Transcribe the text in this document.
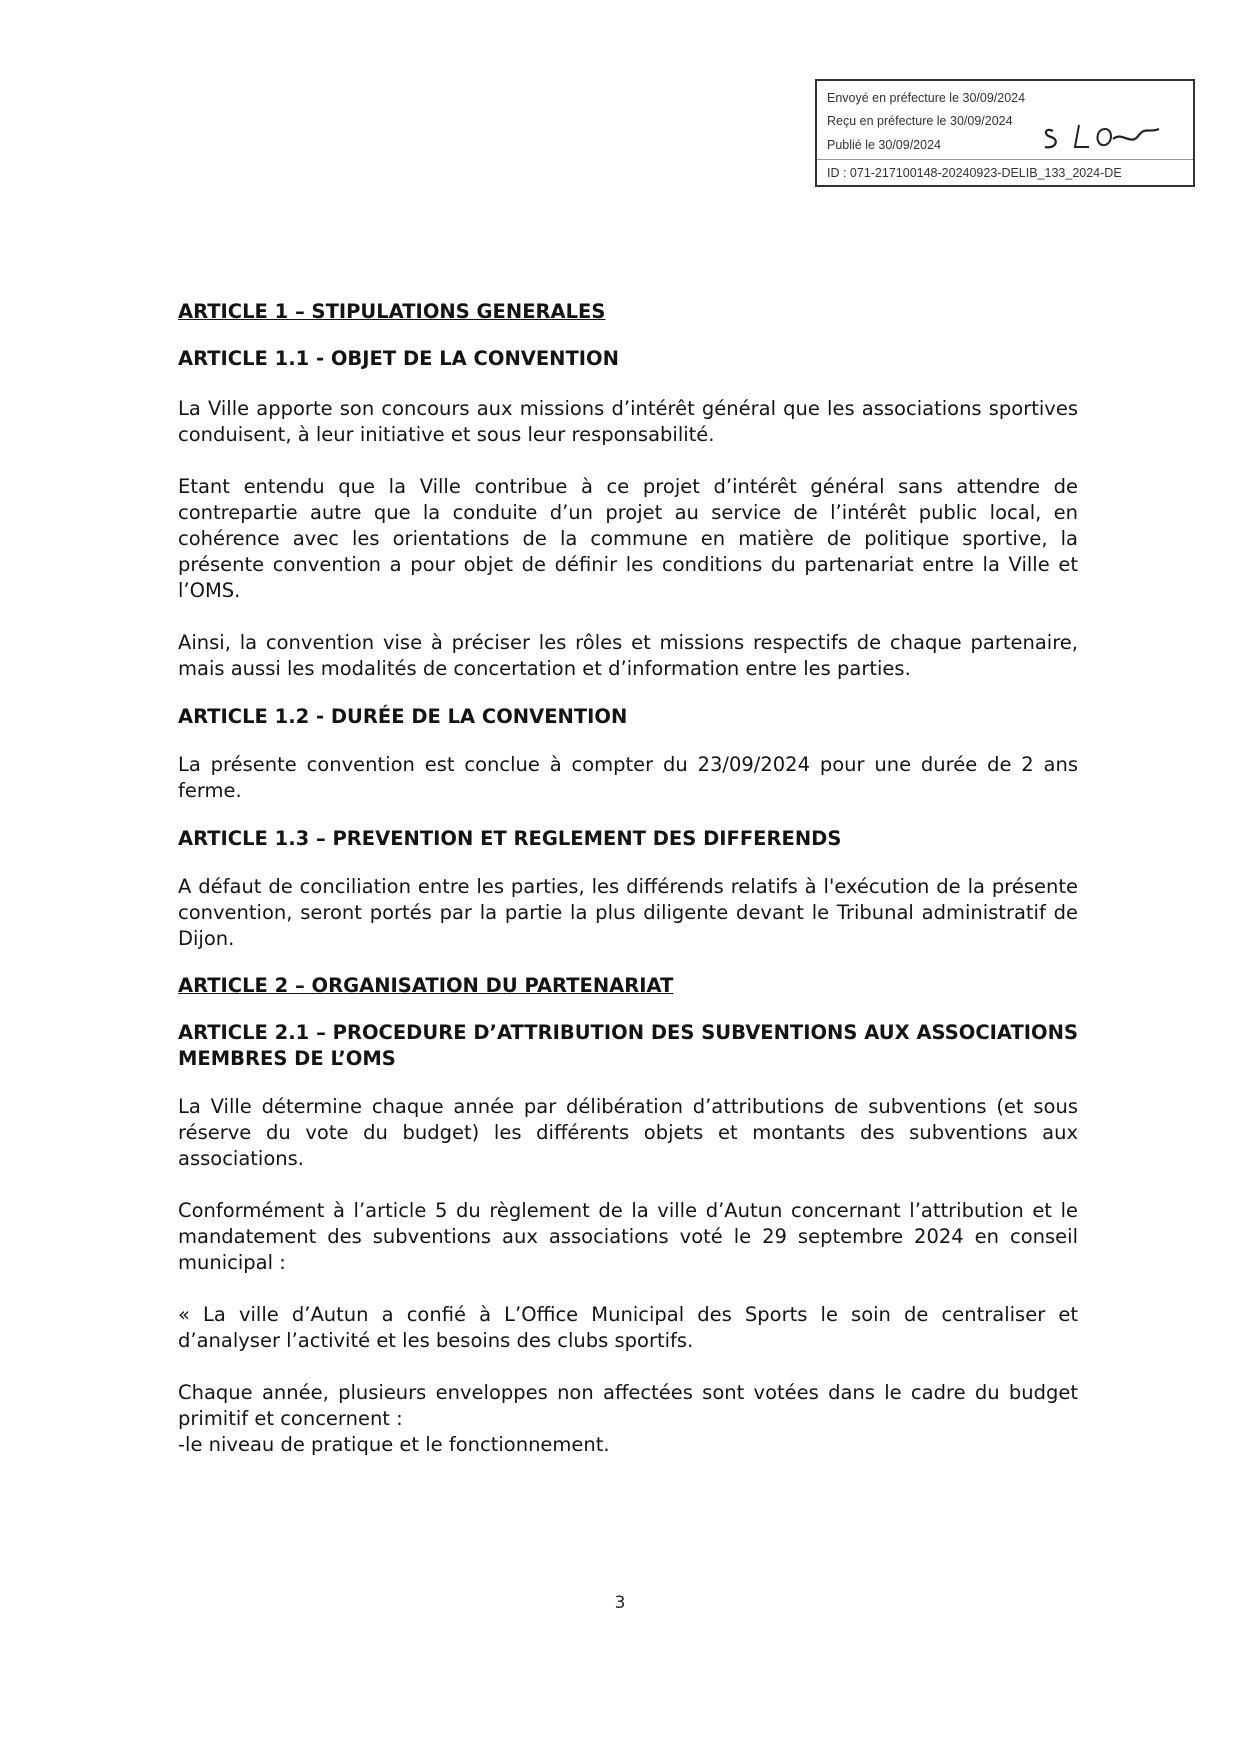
Envoyé en préfecture le 30/09/2024
Reçu en préfecture le 30/09/2024
Publié le 30/09/2024
ID : 071-217100148-20240923-DELIB_133_2024-DE
ARTICLE 1 – STIPULATIONS GENERALES
ARTICLE 1.1 - OBJET DE LA CONVENTION

La Ville apporte son concours aux missions d’intérêt général que les associations sportives conduisent, à leur initiative et sous leur responsabilité.

Etant entendu que la Ville contribue à ce projet d’intérêt général sans attendre de contrepartie autre que la conduite d’un projet au service de l’intérêt public local, en cohérence avec les orientations de la commune en matière de politique sportive, la présente convention a pour objet de définir les conditions du partenariat entre la Ville et l’OMS.

Ainsi, la convention vise à préciser les rôles et missions respectifs de chaque partenaire, mais aussi les modalités de concertation et d’information entre les parties.

ARTICLE 1.2 - DURÉE DE LA CONVENTION

La présente convention est conclue à compter du 23/09/2024 pour une durée de 2 ans ferme.

ARTICLE 1.3 – PREVENTION ET REGLEMENT DES DIFFERENDS

A défaut de conciliation entre les parties, les différends relatifs à l'exécution de la présente convention, seront portés par la partie la plus diligente devant le Tribunal administratif de Dijon.

ARTICLE 2 – ORGANISATION DU PARTENARIAT
ARTICLE 2.1 – PROCEDURE D’ATTRIBUTION DES SUBVENTIONS AUX ASSOCIATIONS MEMBRES DE L’OMS

La Ville détermine chaque année par délibération d’attributions de subventions (et sous réserve du vote du budget) les différents objets et montants des subventions aux associations.

Conformément à l’article 5 du règlement de la ville d’Autun concernant l’attribution et le mandatement des subventions aux associations voté le 29 septembre 2024 en conseil municipal :

« La ville d’Autun a confié à L’Office Municipal des Sports le soin de centraliser et d’analyser l’activité et les besoins des clubs sportifs.

Chaque année, plusieurs enveloppes non affectées sont votées dans le cadre du budget primitif et concernent :

-le niveau de pratique et le fonctionnement.

3
